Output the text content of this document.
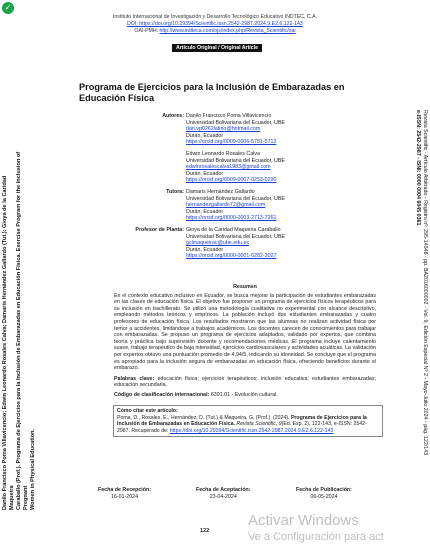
Instituto Internacional de Investigación y Desarrollo Tecnológico Educativo INDTEC, C.A.
DOI: https://doi.org/10.29394/Scientific.issn.2542-2987.2024.9.E2.6.122-143
OAI-PMH: http://www.indteca.com/ojs/index.php/Revista_Scientific/oai
Artículo Original / Original Article
Programa de Ejercicios para la Inclusión de Embarazadas en Educación Física
Autores: Danilo Francisco Poma Villavicencio
Universidad Bolivariana del Ecuador, UBE
dan.vp0262latino@hotmail.com
Durán, Ecuador
https://orcid.org/0009-0006-5781-5712
Edwin Leonardo Rosales Calva
Universidad Bolivariana del Ecuador, UBE
edwinrosalescalva1983@gmail.com
Durán, Ecuador
https://orcid.org/0009-0007-0253-0290
Tutora: Damaris Hernández Gallardo
Universidad Bolivariana del Ecuador, UBE
hernandezgallardo72@gmail.com
Durán, Ecuador
https://orcid.org/0000-0003-2713-7261
Profesor de Planta: Gioya de la Caridad Maqueira Caraballo
Universidad Bolivariana del Ecuador, UBE
gclmaqueirac@ube.edu.ec
Durán, Ecuador
https://orcid.org/0000-0001-6282-3027
Resumen
En el contexto educativo inclusivo en Ecuador, se busca mejorar la participación de estudiantes embarazadas en las clases de educación física. El objetivo fue proponer un programa de ejercicios físicos terapéuticos para su inclusión en bachillerato. Se utilizó una metodología cualitativa no experimental con alcance descriptivo, empleando métodos teóricos y empíricos. La población incluyó dos estudiantes embarazadas y cuatro profesores de educación física. Los resultados mostraron que las alumnas no realizan actividad física por temor a accidentes, limitándose a trabajos académicos. Los docentes carecen de conocimientos para trabajar con embarazadas. Se propuso un programa de ejercicios adaptados, validado por expertos, que combina teoría y práctica bajo supervisión docente y recomendaciones médicas. El programa incluye calentamiento suave, trabajo terapéutico de baja intensidad, ejercicios cardiovasculares y actividades acuáticas. La validación por expertos obtuvo una puntuación promedio de 4,94/5, indicando su idoneidad. Se concluye que el programa es apropiado para la inclusión segura de embarazadas en educación física, ofreciendo beneficios durante el embarazo.
Palabras clave: educación física; ejercicios terapéuticos; inclusión educativa; estudiantes embarazadas; educación secundaria.
Código de clasificación internacional: 6301.01 - Evolución cultural.
Cómo citar este artículo:
Poma, D., Rosales, E., Hernández, D. (Tut.) & Maqueira, G. (Prof.). (2024). Programa de Ejercicios para la Inclusión de Embarazadas en Educación Física. Revista Scientific, 9(Ed. Esp. 2), 122-143, e-ISSN: 2542-2987. Recuperado de: https://doi.org/10.29394/Scientific.issn.2542-2987.2024.9.E2.6.122-143
Fecha de Recepción:
16-01-2024
Fecha de Aceptación:
23-04-2024
Fecha de Publicación:
06-05-2024
122
Activar Windows
Ve a Configuración para act
✓
Danilo Francisco Poma Villavicencio; Edwin Leonardo Rosales Calva; Damaris Hernández Gallardo (Tut.); Gioya de la Caridad Maqueira Caraballo (Prof.). Programa de Ejercicios para la Inclusión de Embarazadas en Educación Física. Exercise Program for the Inclusion of Pregnant Women in Physical Education.
Revista Scientific - Artículo Arbitrado - Registro nº: 295-14548 - pp. BA2016000002 - Vol. 9, Edición Especial Nº 2 - Mayo-Julio 2024 - pág. 122/143
e-ISSN: 2542-2987 - ISNI: 0000 0004 6045 0361
